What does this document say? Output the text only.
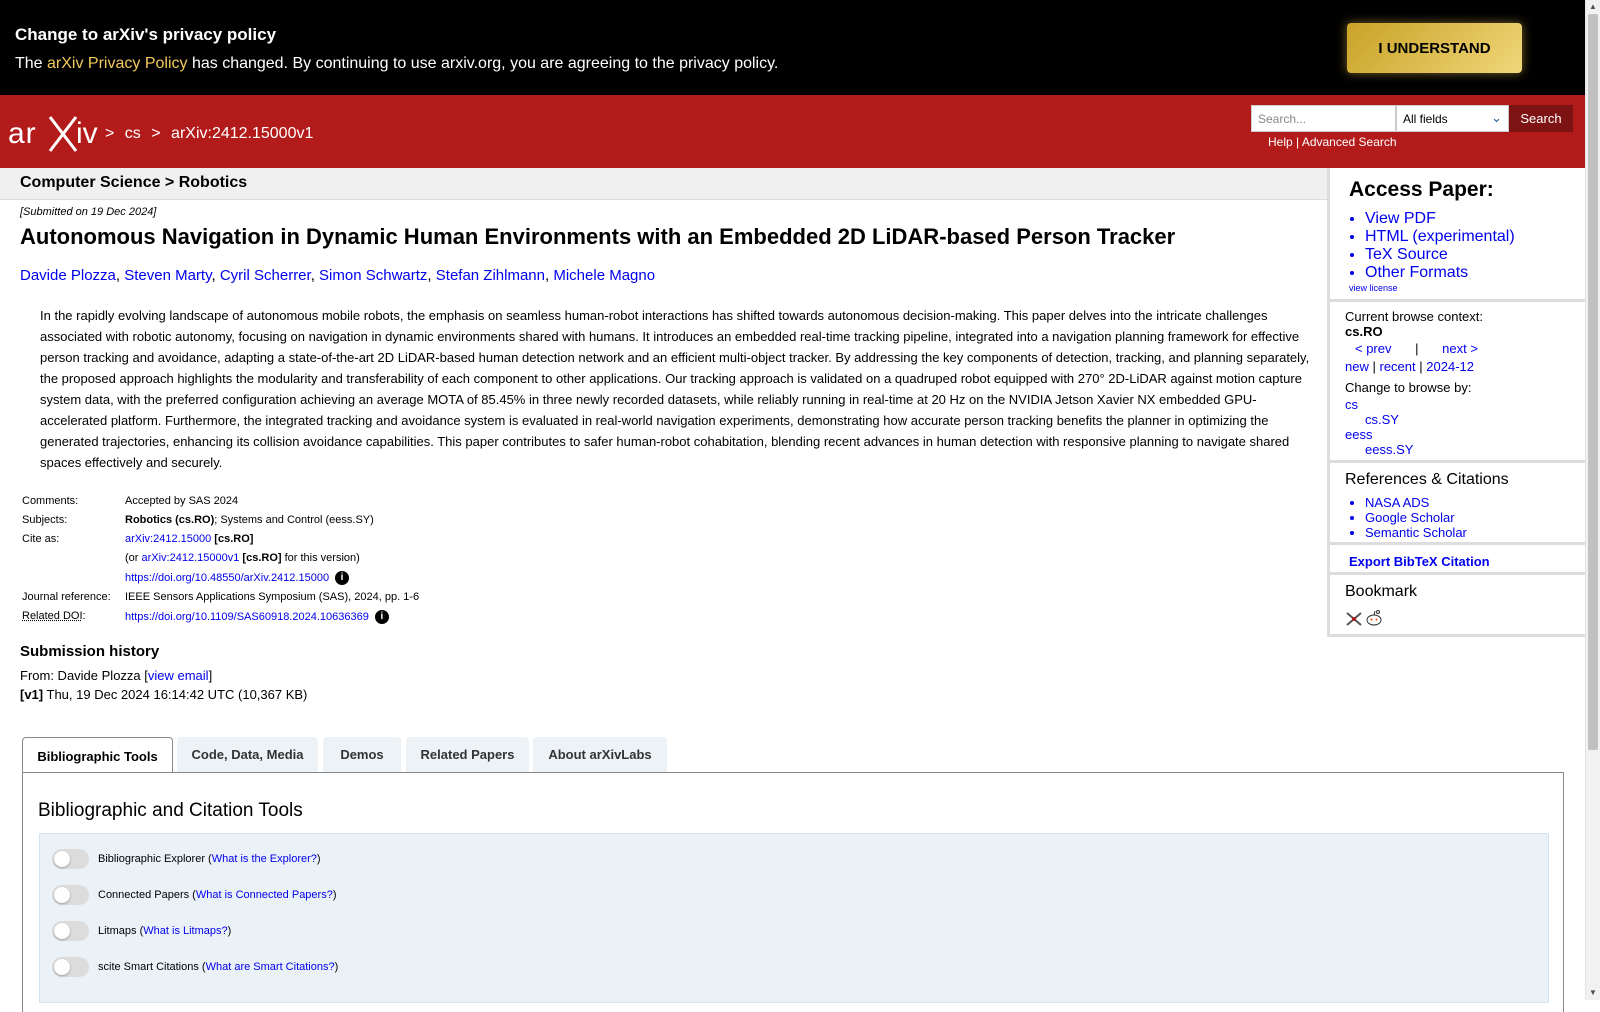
Change to arXiv's privacy policy
The arXiv Privacy Policy has changed. By continuing to use arxiv.org, you are agreeing to the privacy policy.
I UNDERSTAND
ar iv > cs > arXiv:2412.15000v1
Search...	All fields	⌄	Search
Help | Advanced Search
Computer Science > Robotics
[Submitted on 19 Dec 2024]
Autonomous Navigation in Dynamic Human Environments with an Embedded 2D LiDAR-based Person Tracker
Davide Plozza, Steven Marty, Cyril Scherrer, Simon Schwartz, Stefan Zihlmann, Michele Magno
In the rapidly evolving landscape of autonomous mobile robots, the emphasis on seamless human-robot interactions has shifted towards autonomous decision-making. This paper delves into the intricate challenges associated with robotic autonomy, focusing on navigation in dynamic environments shared with humans. It introduces an embedded real-time tracking pipeline, integrated into a navigation planning framework for effective person tracking and avoidance, adapting a state-of-the-art 2D LiDAR-based human detection network and an efficient multi-object tracker. By addressing the key components of detection, tracking, and planning separately, the proposed approach highlights the modularity and transferability of each component to other applications. Our tracking approach is validated on a quadruped robot equipped with 270° 2D-LiDAR against motion capture system data, with the preferred configuration achieving an average MOTA of 85.45% in three newly recorded datasets, while reliably running in real-time at 20 Hz on the NVIDIA Jetson Xavier NX embedded GPU-accelerated platform. Furthermore, the integrated tracking and avoidance system is evaluated in real-world navigation experiments, demonstrating how accurate person tracking benefits the planner in optimizing the generated trajectories, enhancing its collision avoidance capabilities. This paper contributes to safer human-robot cohabitation, blending recent advances in human detection with responsive planning to navigate shared spaces effectively and securely.
Comments:	Accepted by SAS 2024
Subjects:	Robotics (cs.RO); Systems and Control (eess.SY)
Cite as:	arXiv:2412.15000 [cs.RO]
(or arXiv:2412.15000v1 [cs.RO] for this version)
https://doi.org/10.48550/arXiv.2412.15000 i
Journal reference: IEEE Sensors Applications Symposium (SAS), 2024, pp. 1-6
Related DOI:	https://doi.org/10.1109/SAS60918.2024.10636369 i
Submission history
From: Davide Plozza [view email]
[v1] Thu, 19 Dec 2024 16:14:42 UTC (10,367 KB)
Bibliographic Tools	Code, Data, Media	Demos	Related Papers	About arXivLabs
Bibliographic and Citation Tools
Bibliographic Explorer ( What is the Explorer? )
Connected Papers ( What is Connected Papers? )
Litmaps ( What is Litmaps? )
scite Smart Citations ( What are Smart Citations? )
Access Paper:
• View PDF
• HTML (experimental)
• TeX Source
• Other Formats
view license
Current browse context:
cs.RO
< prev | next >
new | recent | 2024-12
Change to browse by:
cs
cs.SY
eess
eess.SY
References & Citations
• NASA ADS
• Google Scholar
• Semantic Scholar
Export BibTeX Citation
Bookmark
▲
▼
